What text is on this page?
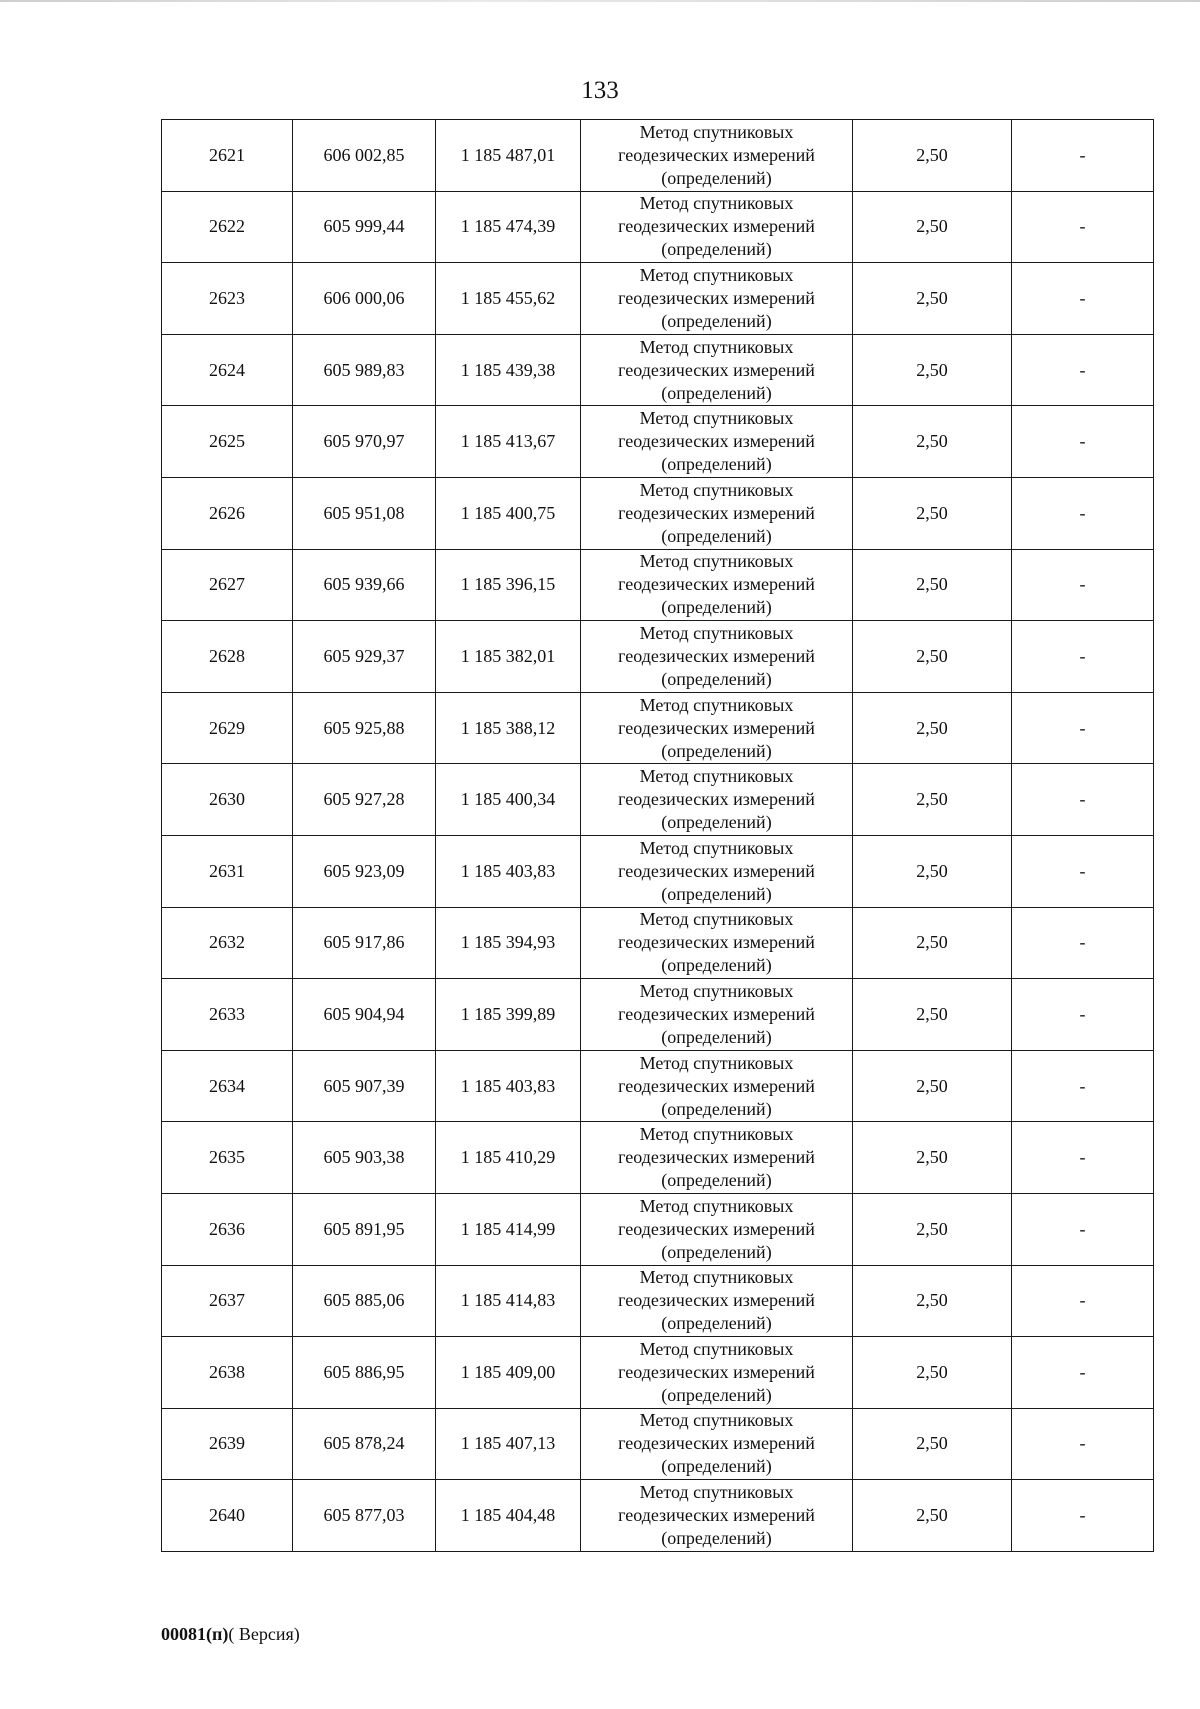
133
2621	606 002,85	1 185 487,01	Метод спутниковых
геодезических измерений
(определений)	2,50	-
2622	605 999,44	1 185 474,39	Метод спутниковых
геодезических измерений
(определений)	2,50	-
2623	606 000,06	1 185 455,62	Метод спутниковых
геодезических измерений
(определений)	2,50	-
2624	605 989,83	1 185 439,38	Метод спутниковых
геодезических измерений
(определений)	2,50	-
2625	605 970,97	1 185 413,67	Метод спутниковых
геодезических измерений
(определений)	2,50	-
2626	605 951,08	1 185 400,75	Метод спутниковых
геодезических измерений
(определений)	2,50	-
2627	605 939,66	1 185 396,15	Метод спутниковых
геодезических измерений
(определений)	2,50	-
2628	605 929,37	1 185 382,01	Метод спутниковых
геодезических измерений
(определений)	2,50	-
2629	605 925,88	1 185 388,12	Метод спутниковых
геодезических измерений
(определений)	2,50	-
2630	605 927,28	1 185 400,34	Метод спутниковых
геодезических измерений
(определений)	2,50	-
2631	605 923,09	1 185 403,83	Метод спутниковых
геодезических измерений
(определений)	2,50	-
2632	605 917,86	1 185 394,93	Метод спутниковых
геодезических измерений
(определений)	2,50	-
2633	605 904,94	1 185 399,89	Метод спутниковых
геодезических измерений
(определений)	2,50	-
2634	605 907,39	1 185 403,83	Метод спутниковых
геодезических измерений
(определений)	2,50	-
2635	605 903,38	1 185 410,29	Метод спутниковых
геодезических измерений
(определений)	2,50	-
2636	605 891,95	1 185 414,99	Метод спутниковых
геодезических измерений
(определений)	2,50	-
2637	605 885,06	1 185 414,83	Метод спутниковых
геодезических измерений
(определений)	2,50	-
2638	605 886,95	1 185 409,00	Метод спутниковых
геодезических измерений
(определений)	2,50	-
2639	605 878,24	1 185 407,13	Метод спутниковых
геодезических измерений
(определений)	2,50	-
2640	605 877,03	1 185 404,48	Метод спутниковых
геодезических измерений
(определений)	2,50	-
00081(п)( Версия)
